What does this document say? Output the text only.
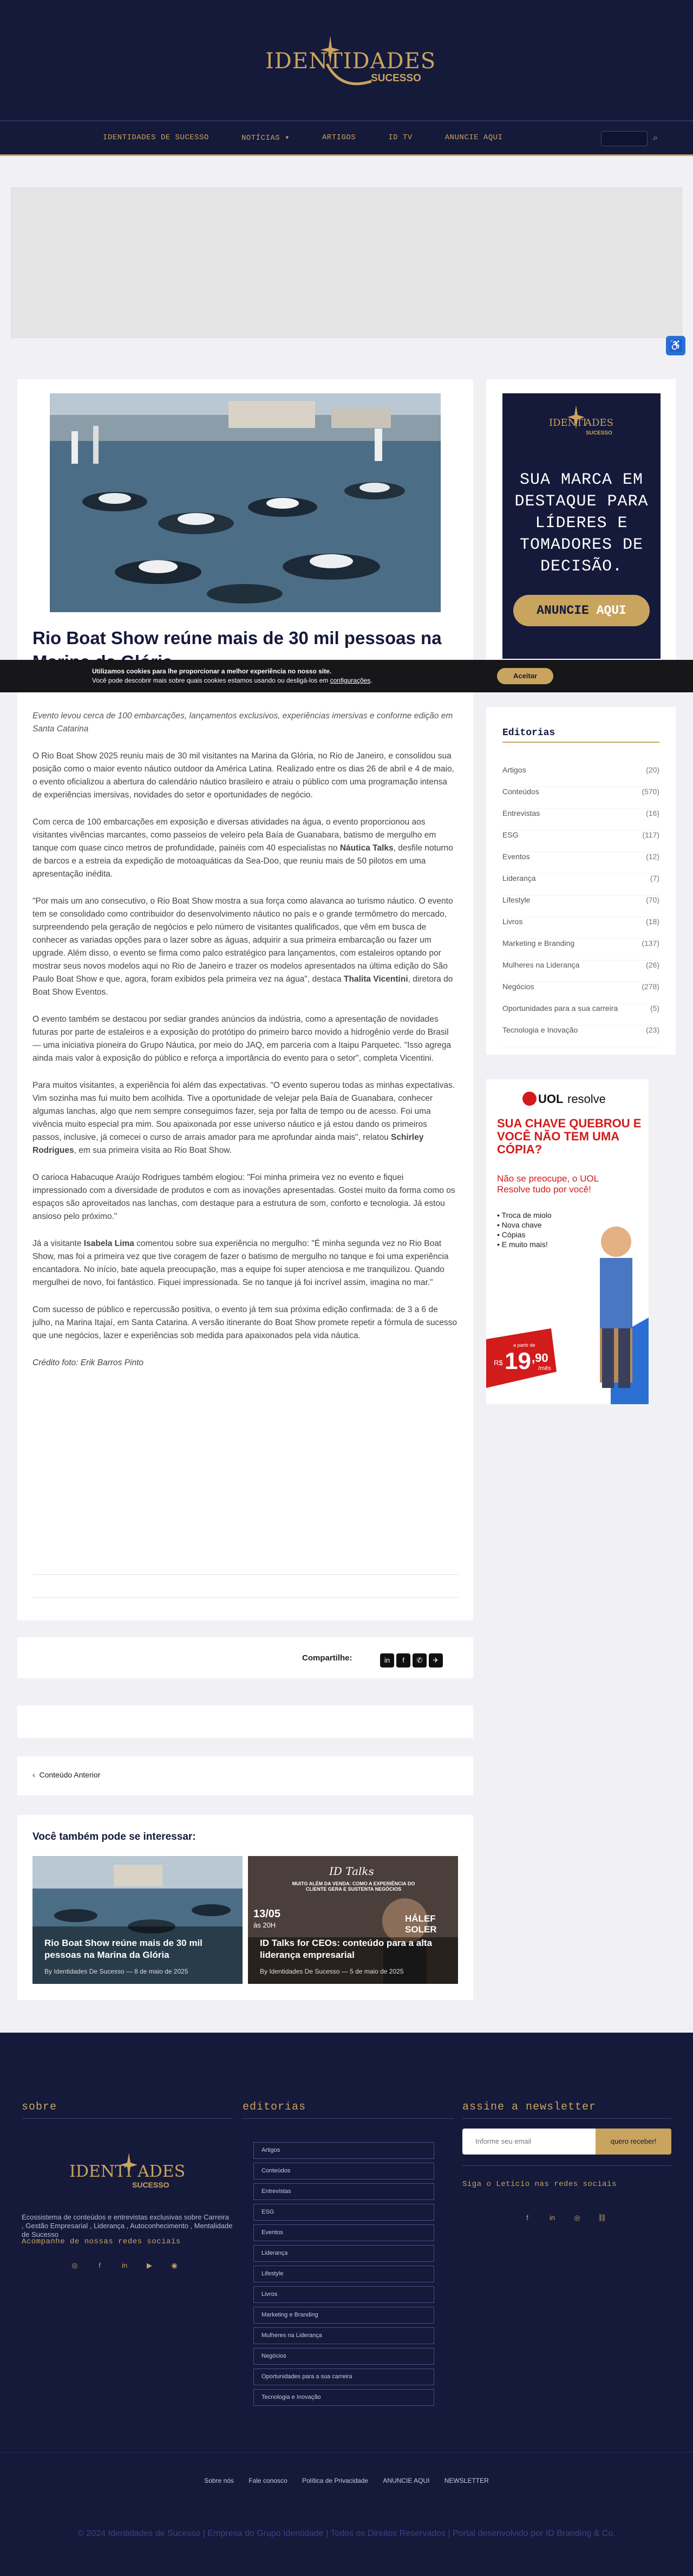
IDENTIDADES
SUCESSO
IDENTIDADES DE SUCESSO	NOTÍCIAS ▾	ARTIGOS	ID TV	ANUNCIE AQUI	⌕
♿
Rio Boat Show reúne mais de 30 mil pessoas na

Evento levou cerca de 100 embarcações, lançamentos exclusivos, experiências imersivas e conforme edição em Santa Catarina

O Rio Boat Show 2025 reuniu mais de 30 mil visitantes na Marina da Glória, no Rio de Janeiro, e consolidou sua posição como o maior evento náutico outdoor da América Latina. Realizado entre os dias 26 de abril e 4 de maio, o evento oficializou a abertura do calendário náutico brasileiro e atraiu o público com uma programação intensa de experiências imersivas, novidades do setor e oportunidades de negócio.

Com cerca de 100 embarcações em exposição e diversas atividades na água, o evento proporcionou aos visitantes vivências marcantes, como passeios de veleiro pela Baía de Guanabara, batismo de mergulho em tanque com quase cinco metros de profundidade, painéis com 40 especialistas no Náutica Talks, desfile noturno de barcos e a estreia da expedição de motoaquáticas da Sea-Doo, que reuniu mais de 50 pilotos em uma apresentação inédita.

"Por mais um ano consecutivo, o Rio Boat Show mostra a sua força como alavanca ao turismo náutico. O evento tem se consolidado como contribuidor do desenvolvimento náutico no país e o grande termômetro do mercado, surpreendendo pela geração de negócios e pelo número de visitantes qualificados, que vêm em busca de conhecer as variadas opções para o lazer sobre as águas, adquirir a sua primeira embarcação ou fazer um upgrade. Além disso, o evento se firma como palco estratégico para lançamentos, com estaleiros optando por mostrar seus novos modelos aqui no Rio de Janeiro e trazer os modelos apresentados na última edição do São Paulo Boat Show e que, agora, foram exibidos pela primeira vez na água", destaca Thalita Vicentini, diretora do Boat Show Eventos.

O evento também se destacou por sediar grandes anúncios da indústria, como a apresentação de novidades futuras por parte de estaleiros e a exposição do protótipo do primeiro barco movido a hidrogênio verde do Brasil — uma iniciativa pioneira do Grupo Náutica, por meio do JAQ, em parceria com a Itaipu Parquetec. "Isso agrega ainda mais valor à exposição do público e reforça a importância do evento para o setor", completa Vicentini.

Para muitos visitantes, a experiência foi além das expectativas. "O evento superou todas as minhas expectativas. Vim sozinha mas fui muito bem acolhida. Tive a oportunidade de velejar pela Baía de Guanabara, conhecer algumas lanchas, algo que nem sempre conseguimos fazer, seja por falta de tempo ou de acesso. Foi uma vivência muito especial pra mim. Sou apaixonada por esse universo náutico e já estou dando os primeiros passos, inclusive, já comecei o curso de arrais amador para me aprofundar ainda mais", relatou Schirley Rodrigues, em sua primeira visita ao Rio Boat Show.

O carioca Habacuque Araújo Rodrigues também elogiou: "Foi minha primeira vez no evento e fiquei impressionado com a diversidade de produtos e com as inovações apresentadas. Gostei muito da forma como os espaços são aproveitados nas lanchas, com destaque para a estrutura de som, conforto e tecnologia. Já estou ansioso pelo próximo."

Já a visitante Isabela Lima comentou sobre sua experiência no mergulho: "É minha segunda vez no Rio Boat Show, mas foi a primeira vez que tive coragem de fazer o batismo de mergulho no tanque e foi uma experiência encantadora. No início, bate aquela preocupação, mas a equipe foi super atenciosa e me tranquilizou. Quando mergulhei de novo, foi fantástico. Fiquei impressionada. Se no tanque já foi incrível assim, imagina no mar."

Com sucesso de público e repercussão positiva, o evento já tem sua próxima edição confirmada: de 3 a 6 de julho, na Marina Itajaí, em Santa Catarina. A versão itinerante do Boat Show promete repetir a fórmula de sucesso que une negócios, lazer e experiências sob medida para apaixonados pela vida náutica.

Crédito foto: Erik Barros Pinto

IDENTI
ADES
SUCESSO
SUA MARCA EM DESTAQUE PARA LÍDERES E TOMADORES DE DECISÃO.
ANUNCIE AQUI
Editorias
Artigos	(20)
Conteúdos	(570)
Entrevistas	(16)
ESG	(117)
Eventos	(12)
Liderança	(7)
Lifestyle	(70)
Livros	(18)
Marketing e Branding	(137)
Mulheres na Liderança	(26)
Negócios	(278)
Oportunidades para a sua carreira	(5)
Tecnologia e Inovação	(23)
UOL resolve
SUA CHAVE QUEBROU E VOCÊ NÃO TEM UMA CÓPIA?
Não se preocupe, o UOL Resolve tudo por você!
• Troca de miolo
• Nova chave
• Cópias
• E muito mais!
a partir de
R$ 19 ,90
/mês
Utilizamos cookies para lhe proporcionar a melhor experiência no nosso site.
Você pode descobrir mais sobre quais cookies estamos usando ou desligá-los em configurações.
Aceitar
Compartilhe:	in	f	✆	✈
‹  Conteúdo Anterior
Você também pode se interessar:
Rio Boat Show reúne mais de 30 mil pessoas na Marina da Glória
By Identidades De Sucesso — 8 de maio de 2025
ID Talks
MUITO ALÉM DA VENDA: COMO A EXPERIÊNCIA DO CLIENTE GERA E SUSTENTA NEGÓCIOS
13/05
às 20H
HÁLEF SOLER
ID Talks for CEOs: conteúdo para a alta liderança empresarial
By Identidades De Sucesso — 5 de maio de 2025
sobre
IDENTI ADES
SUCESSO
Ecossistema de conteúdos e entrevistas exclusivas sobre Carreira , Gestão Empresarial , Liderança , Autoconhecimento , Mentalidade de Sucesso
Acompanhe de nossas redes sociais
◎	f	in	▶	◉
editorias
Artigos
Conteúdos
Entrevistas
ESG
Eventos
Liderança
Lifestyle
Livros
Marketing e Branding
Mulheres na Liderança
Negócios
Oportunidades para a sua carreira
Tecnologia e Inovação
assine a newsletter
Informe seu email	quero receber!
Siga o Leticio nas redes sociais
f	in	◎	⛓
Sobre nós Fale conosco Política de Privacidade ANUNCIE AQUI NEWSLETTER
© 2024 Identidades de Sucesso | Empresa do Grupo Identidade | Todos os Direitos Reservados | Portal desenvolvido por ID Branding & Co.
